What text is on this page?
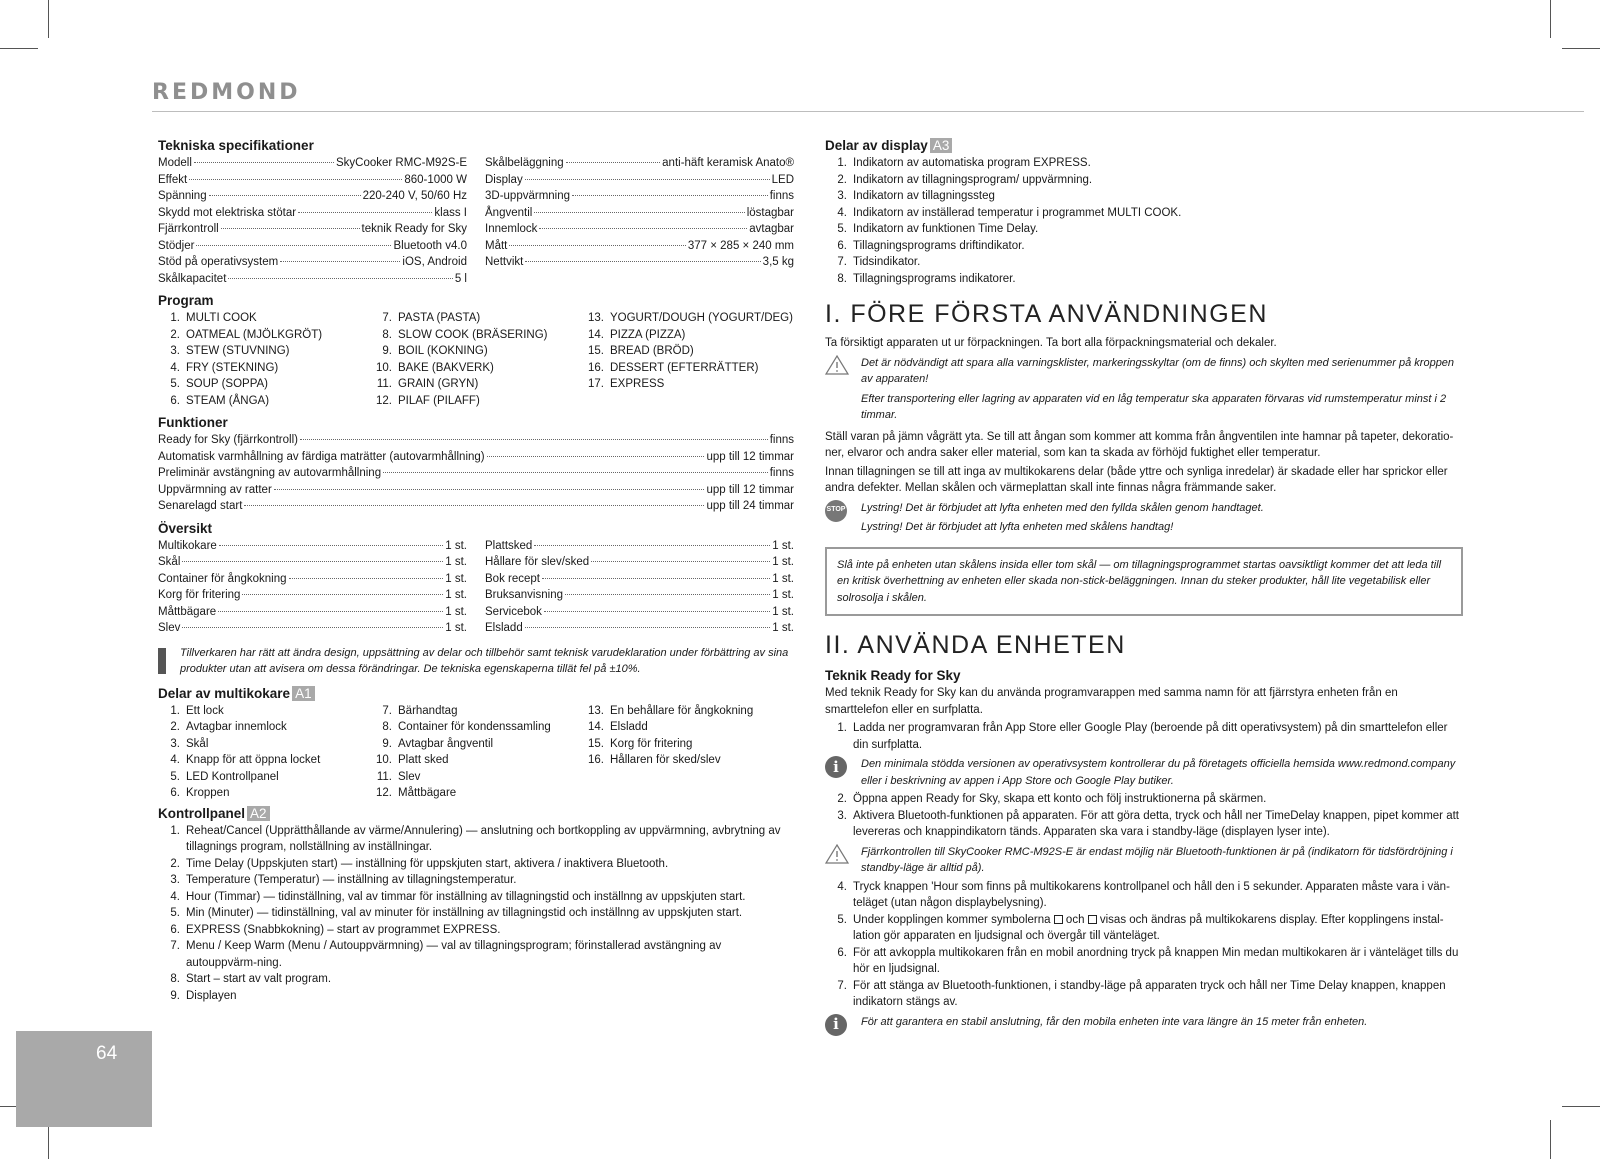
REDMOND
Tekniska specifikationer
Modell	SkyCooker RMC-M92S-E
Effekt	860-1000 W
Spänning	220-240 V, 50/60 Hz
Skydd mot elektriska stötar	klass I
Fjärrkontroll	teknik Ready for Sky
Stödjer	Bluetooth v4.0
Stöd på operativsystem	iOS, Android
Skålkapacitet	5 l
Skålbeläggning	anti-häft keramisk Anato®
Display	LED
3D-uppvärmning	finns
Ångventil	löstagbar
Innemlock	avtagbar
Mått	377 × 285 × 240 mm
Nettvikt	3,5 kg
Program
1. MULTI COOK
2. OATMEAL (MJÖLKGRÖT)
3. STEW (STUVNING)
4. FRY (STEKNING)
5. SOUP (SOPPA)
6. STEAM (ÅNGA)
7. PASTA (PASTA)
8. SLOW COOK (BRÄSERING)
9. BOIL (KOKNING)
10. BAKE (BAKVERK)
11. GRAIN (GRYN)
12. PILAF (PILAFF)
13. YOGURT/DOUGH (YOGURT/DEG)
14. PIZZA (PIZZA)
15. BREAD (BRÖD)
16. DESSERT (EFTERRÄTTER)
17. EXPRESS
Funktioner
Ready for Sky (fjärrkontroll)	finns
Automatisk varmhållning av färdiga maträtter (autovarmhållning)	upp till 12 timmar
Preliminär avstängning av autovarmhållning	finns
Uppvärmning av ratter	upp till 12 timmar
Senarelagd start	upp till 24 timmar
Översikt
Multikokare	1 st.
Skål	1 st.
Container för ångkokning	1 st.
Korg för fritering	1 st.
Måttbägare	1 st.
Slev	1 st.
Plattsked	1 st.
Hållare för slev/sked	1 st.
Bok recept	1 st.
Bruksanvisning	1 st.
Servicebok	1 st.
Elsladd	1 st.
Tillverkaren har rätt att ändra design, uppsättning av delar och tillbehör samt teknisk varudeklaration under förbättring av sina produkter utan att avisera om dessa förändringar. De tekniska egenskaperna tillät fel på ±10%.
Delar av multikokare A1
1. Ett lock
2. Avtagbar innemlock
3. Skål
4. Knapp för att öppna locket
5. LED Kontrollpanel
6. Kroppen
7. Bärhandtag
8. Container för kondenssamling
9. Avtagbar ångventil
10. Platt sked
11. Slev
12. Måttbägare
13. En behållare för ångkokning
14. Elsladd
15. Korg för fritering
16. Hållaren för sked/slev
Kontrollpanel A2
1. Reheat/Cancel (Upprätthållande av värme/Annulering) — anslutning och bortkoppling av uppvärmning, avbrytning av tillagnings program, nollställning av inställningar.
2. Time Delay (Uppskjuten start) — inställning för uppskjuten start, aktivera / inaktivera Bluetooth.
3. Temperature (Temperatur) — inställning av tillagningstemperatur.
4. Hour (Timmar) — tidinställning, val av timmar för inställning av tillagningstid och inställnng av uppskjuten start.
5. Min (Minuter) — tidinställning, val av minuter för inställning av tillagningstid och inställnng av uppskjuten start.
6. EXPRESS (Snabbkokning) – start av programmet EXPRESS.
7. Menu / Keep Warm (Menu / Autouppvärmning) — val av tillagningsprogram; förinstallerad avstängning av autouppvärm-ning.
8. Start – start av valt program.
9. Displayen
Delar av display A3
1. Indikatorn av automatiska program EXPRESS.
2. Indikatorn av tillagningsprogram/ uppvärmning.
3. Indikatorn av tillagningssteg
4. Indikatorn av inställerad temperatur i programmet MULTI COOK.
5. Indikatorn av funktionen Time Delay.
6. Tillagningsprograms driftindikator.
7. Tidsindikator.
8. Tillagningsprograms indikatorer.
I. FÖRE FÖRSTA ANVÄNDNINGEN

Ta försiktigt apparaten ut ur förpackningen. Ta bort alla förpackningsmaterial och dekaler.

Det är nödvändigt att spara alla varningsklister, markeringsskyltar (om de finns) och skylten med serienummer på kroppen av apparaten!
Efter transportering eller lagring av apparaten vid en låg temperatur ska apparaten förvaras vid rumstemperatur minst i 2 timmar.

Ställ varan på jämn vågrätt yta. Se till att ångan som kommer att komma från ångventilen inte hamnar på tapeter, dekoratio-ner, elvaror och andra saker eller material, som kan ta skada av förhöjd fuktighet eller temperatur.

Innan tillagningen se till att inga av multikokarens delar (både yttre och synliga inredelar) är skadade eller har sprickor eller andra defekter. Mellan skålen och värmeplattan skall inte finnas några främmande saker.

STOP Lystring! Det är förbjudet att lyfta enheten med den fyllda skålen genom handtaget.
Lystring! Det är förbjudet att lyfta enheten med skålens handtag!
Slå inte på enheten utan skålens insida eller tom skål — om tillagningsprogrammet startas oavsiktligt kommer det att leda till en kritisk överhettning av enheten eller skada non-stick-beläggningen. Innan du steker produkter, håll lite vegetabilisk eller solrosolja i skålen.
II. ANVÄNDA ENHETEN
Teknik Ready for Sky

Med teknik Ready for Sky kan du använda programvarappen med samma namn för att fjärrstyra enheten från en smarttelefon eller en surfplatta.

1. Ladda ner programvaran från App Store eller Google Play (beroende på ditt operativsystem) på din smarttelefon eller din surfplatta.
i	Den minimala stödda versionen av operativsystem kontrollerar du på företagets officiella hemsida www.redmond.company eller i beskrivning av appen i App Store och Google Play butiker.
2. Öppna appen Ready for Sky, skapa ett konto och följ instruktionerna på skärmen.
3. Aktivera Bluetooth-funktionen på apparaten. För att göra detta, tryck och håll ner TimeDelay knappen, pipet kommer att levereras och knappindikatorn tänds. Apparaten ska vara i standby-läge (displayen lyser inte).
Fjärrkontrollen till SkyCooker RMC-M92S-E är endast möjlig när Bluetooth-funktionen är på (indikatorn för tidsfördröjning i standby-läge är alltid på).
4. Tryck knappen 'Hour som finns på multikokarens kontrollpanel och håll den i 5 sekunder. Apparaten måste vara i vän-teläget (utan någon displaybelysning).
5. Under kopplingen kommer symbolerna och visas och ändras på multikokarens display. Efter kopplingens instal-lation gör apparaten en ljudsignal och övergår till vänteläget.
6. För att avkoppla multikokaren från en mobil anordning tryck på knappen Min medan multikokaren är i vänteläget tills du hör en ljudsignal.
7. För att stänga av Bluetooth-funktionen, i standby-läge på apparaten tryck och håll ner Time Delay knappen, knappen indikatorn stängs av.
i	För att garantera en stabil anslutning, får den mobila enheten inte vara längre än 15 meter från enheten.
64
